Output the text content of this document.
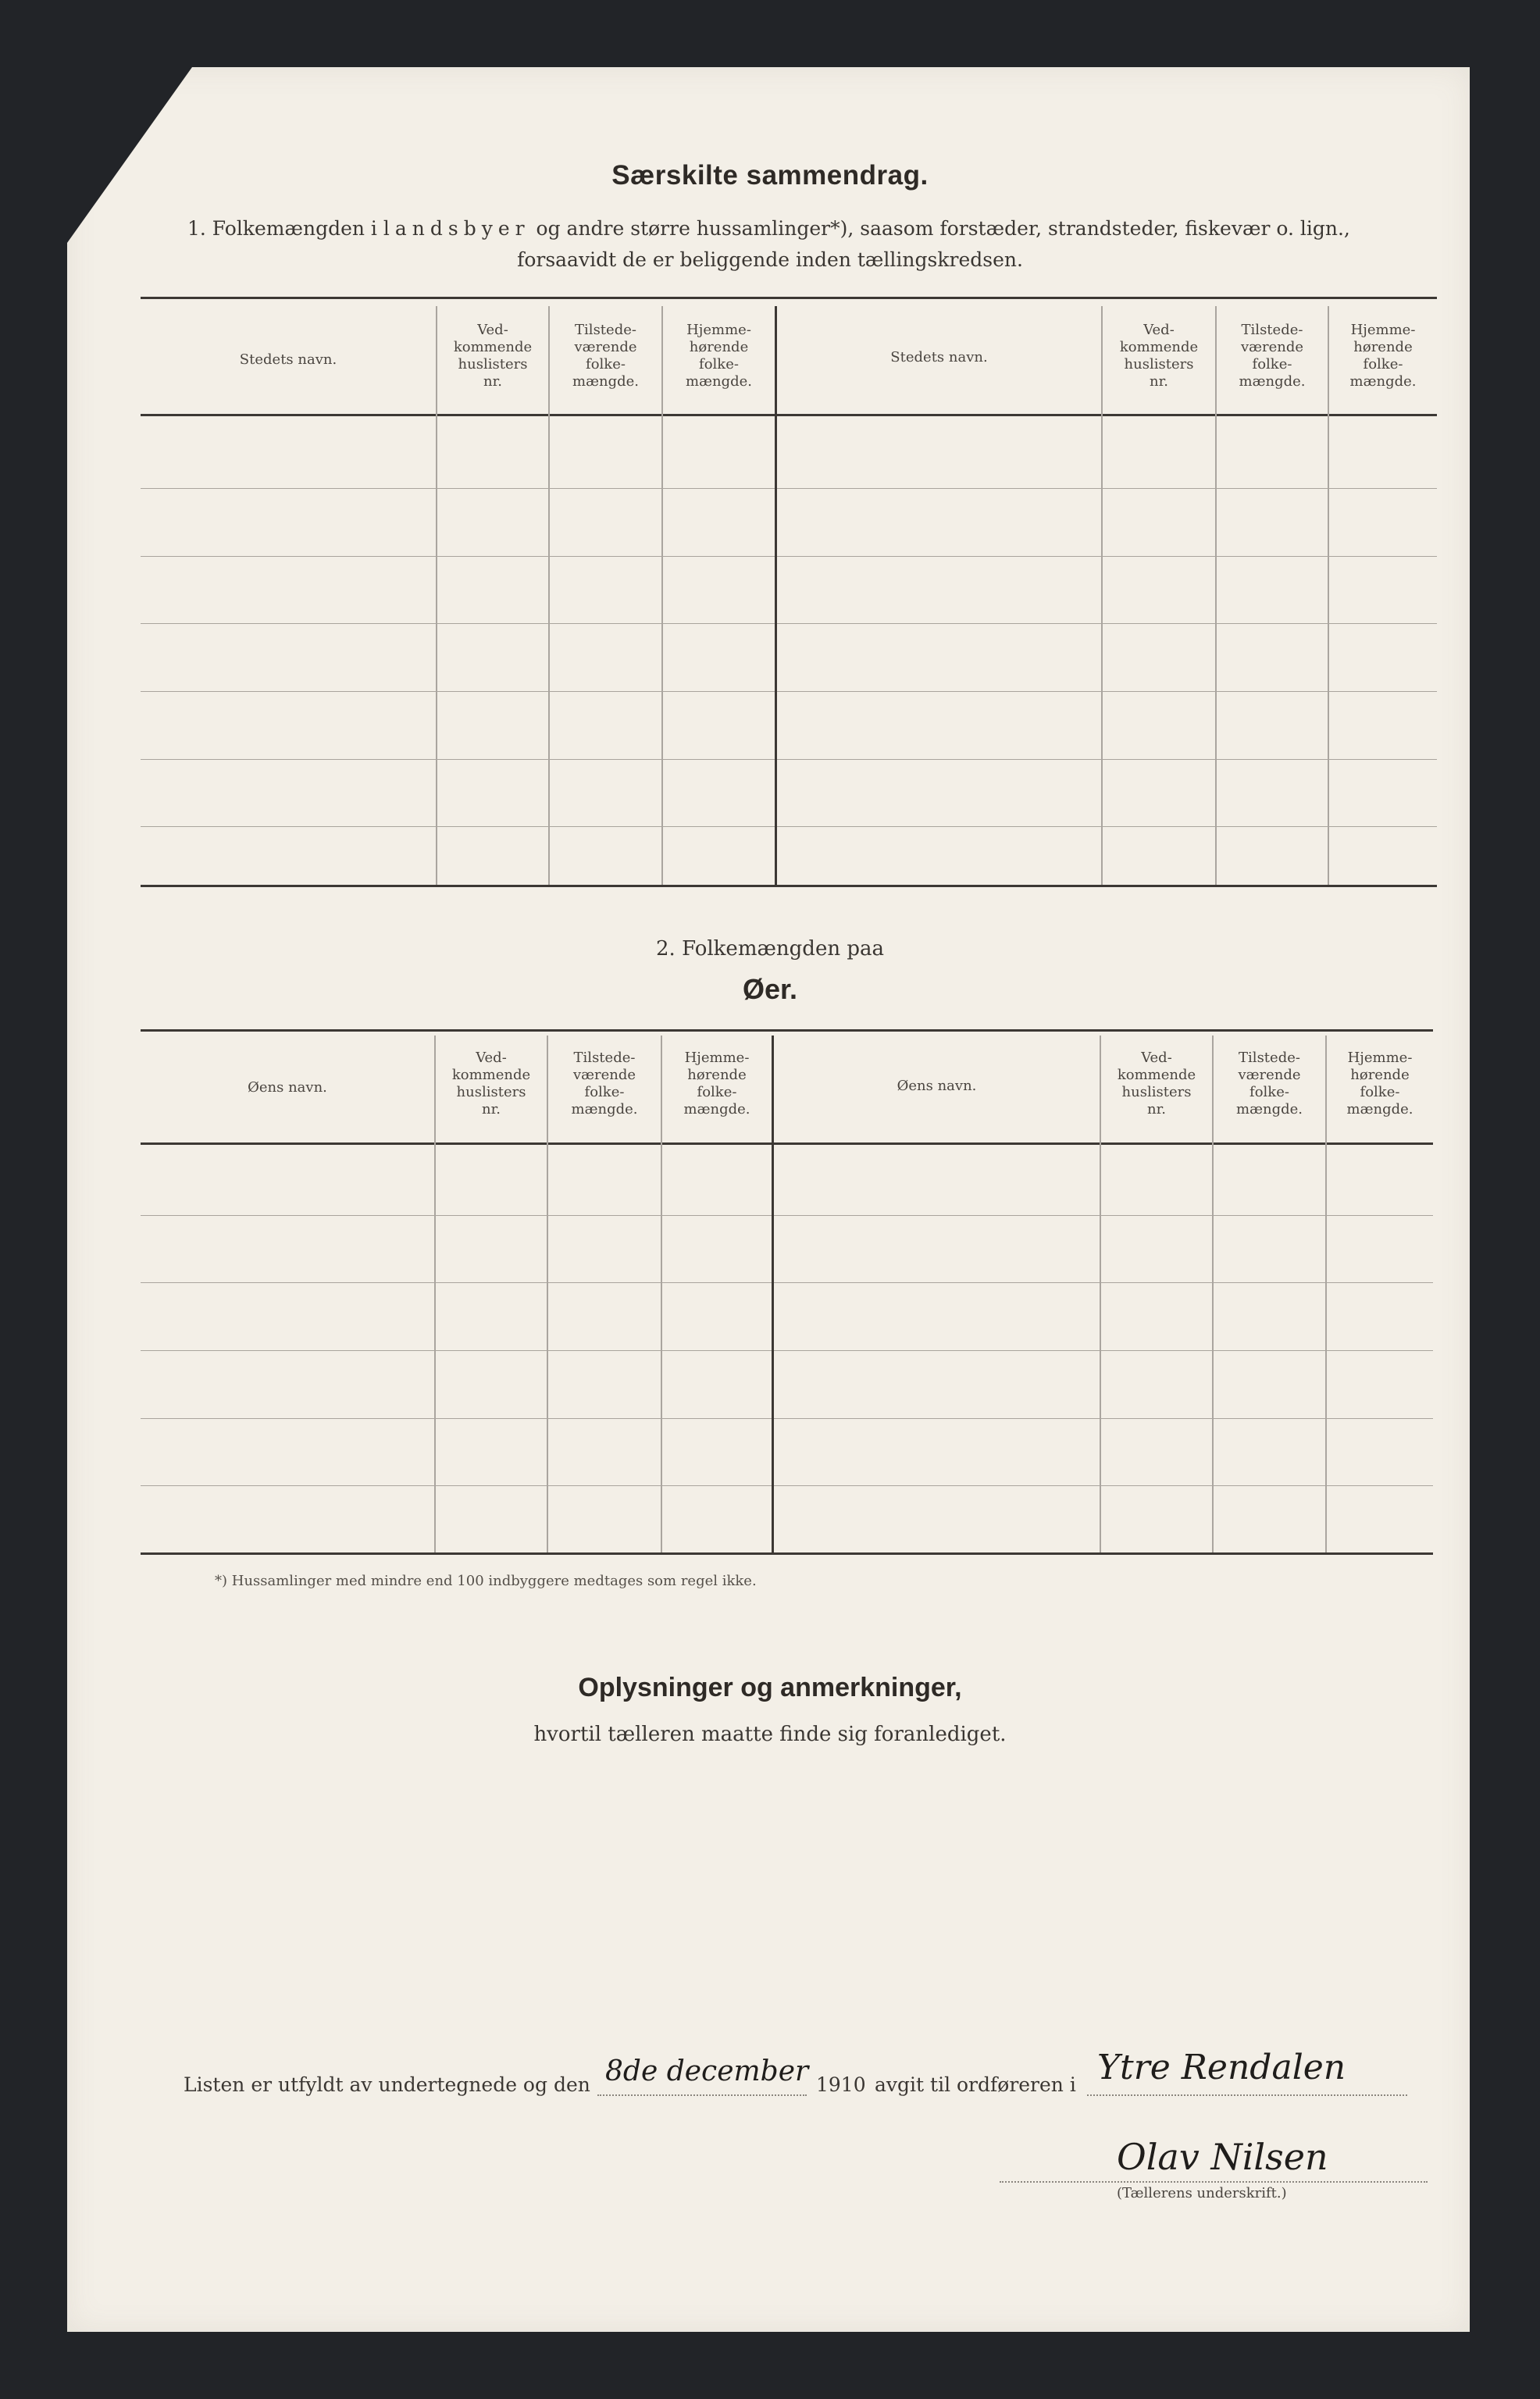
Særskilte sammendrag.
1. Folkemængden i landsbyer og andre større hussamlinger*), saasom forstæder, strandsteder, fiskevær o. lign.,
forsaavidt de er beliggende inden tællingskredsen.
Stedets navn.
Ved-
kommende
huslisters
nr.
Tilstede-
værende
folke-
mængde.
Hjemme-
hørende
folke-
mængde.
Stedets navn.
Ved-
kommende
huslisters
nr.
Tilstede-
værende
folke-
mængde.
Hjemme-
hørende
folke-
mængde.
2. Folkemængden paa
Øer.
Øens navn.
Ved-
kommende
huslisters
nr.
Tilstede-
værende
folke-
mængde.
Hjemme-
hørende
folke-
mængde.
Øens navn.
Ved-
kommende
huslisters
nr.
Tilstede-
værende
folke-
mængde.
Hjemme-
hørende
folke-
mængde.
*) Hussamlinger med mindre end 100 indbyggere medtages som regel ikke.
Oplysninger og anmerkninger,
hvortil tælleren maatte finde sig foranlediget.
Listen er utfyldt av undertegnede og den 8de december 1910 avgit til ordføreren i Ytre Rendalen
Olav Nilsen
(Tællerens underskrift.)
